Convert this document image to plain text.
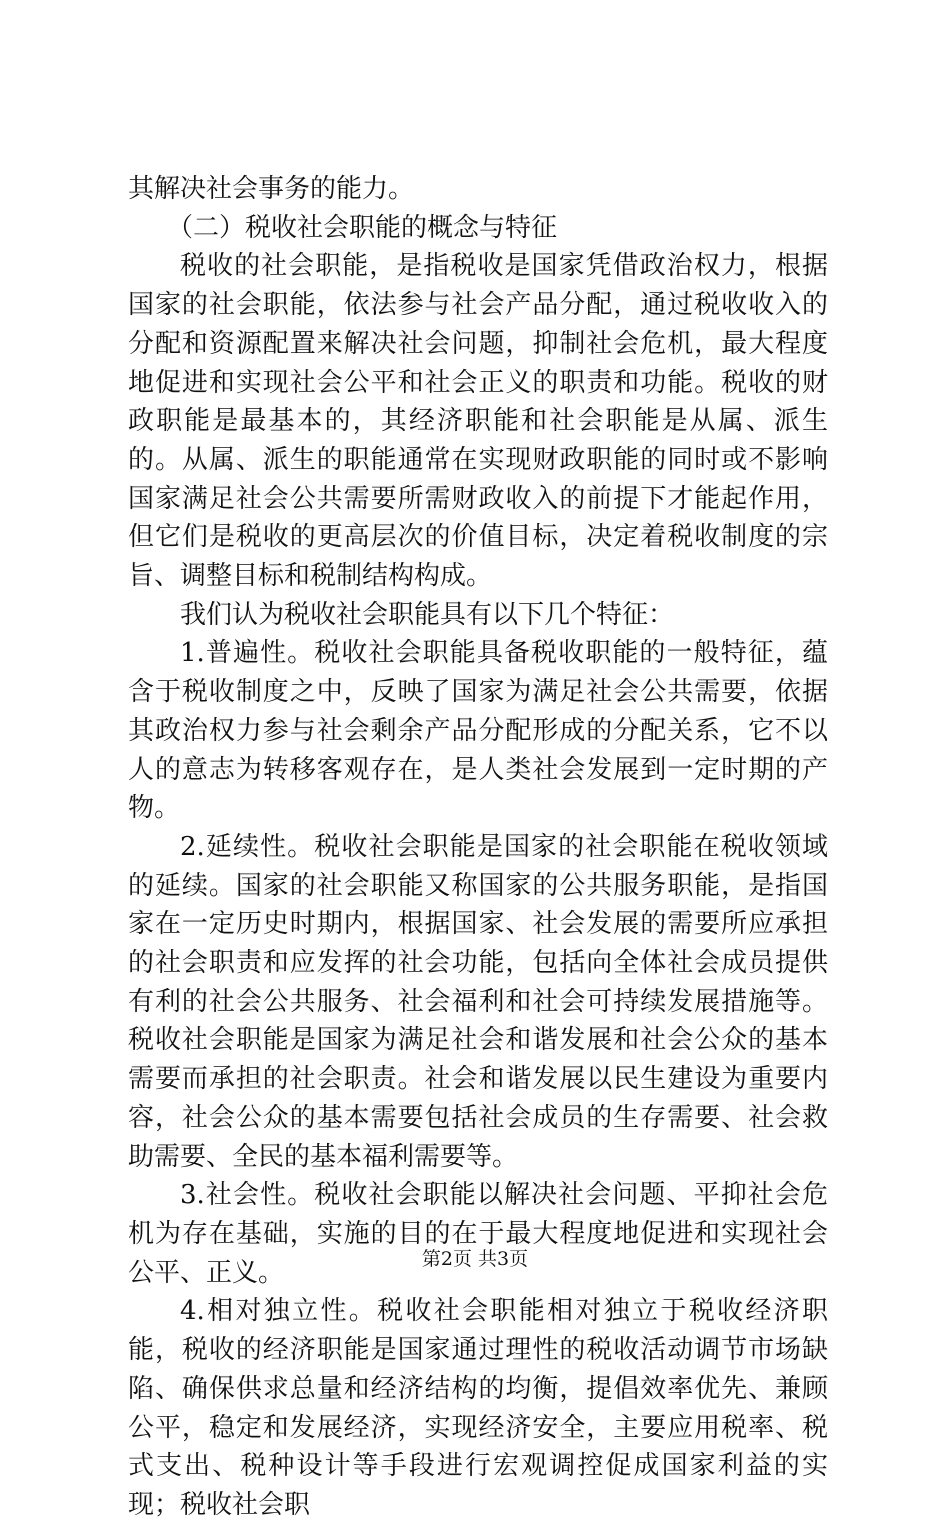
其解决社会事务的能力。

（二）税收社会职能的概念与特征

税收的社会职能，是指税收是国家凭借政治权力，根据国家的社会职能，依法参与社会产品分配，通过税收收入的分配和资源配置来解决社会问题，抑制社会危机，最大程度地促进和实现社会公平和社会正义的职责和功能。税收的财政职能是最基本的，其经济职能和社会职能是从属、派生的。从属、派生的职能通常在实现财政职能的同时或不影响国家满足社会公共需要所需财政收入的前提下才能起作用，但它们是税收的更高层次的价值目标，决定着税收制度的宗旨、调整目标和税制结构构成。

我们认为税收社会职能具有以下几个特征：

1.普遍性。税收社会职能具备税收职能的一般特征，蕴含于税收制度之中，反映了国家为满足社会公共需要，依据其政治权力参与社会剩余产品分配形成的分配关系，它不以人的意志为转移客观存在，是人类社会发展到一定时期的产物。

2.延续性。税收社会职能是国家的社会职能在税收领域的延续。国家的社会职能又称国家的公共服务职能，是指国家在一定历史时期内，根据国家、社会发展的需要所应承担的社会职责和应发挥的社会功能，包括向全体社会成员提供有利的社会公共服务、社会福利和社会可持续发展措施等。税收社会职能是国家为满足社会和谐发展和社会公众的基本需要而承担的社会职责。社会和谐发展以民生建设为重要内容，社会公众的基本需要包括社会成员的生存需要、社会救助需要、全民的基本福利需要等。

3.社会性。税收社会职能以解决社会问题、平抑社会危机为存在基础，实施的目的在于最大程度地促进和实现社会公平、正义。

4.相对独立性。税收社会职能相对独立于税收经济职能，税收的经济职能是国家通过理性的税收活动调节市场缺陷、确保供求总量和经济结构的均衡，提倡效率优先、兼顾公平，稳定和发展经济，实现经济安全，主要应用税率、税式支出、税种设计等手段进行宏观调控促成国家利益的实现；税收社会职

第2页 共3页
